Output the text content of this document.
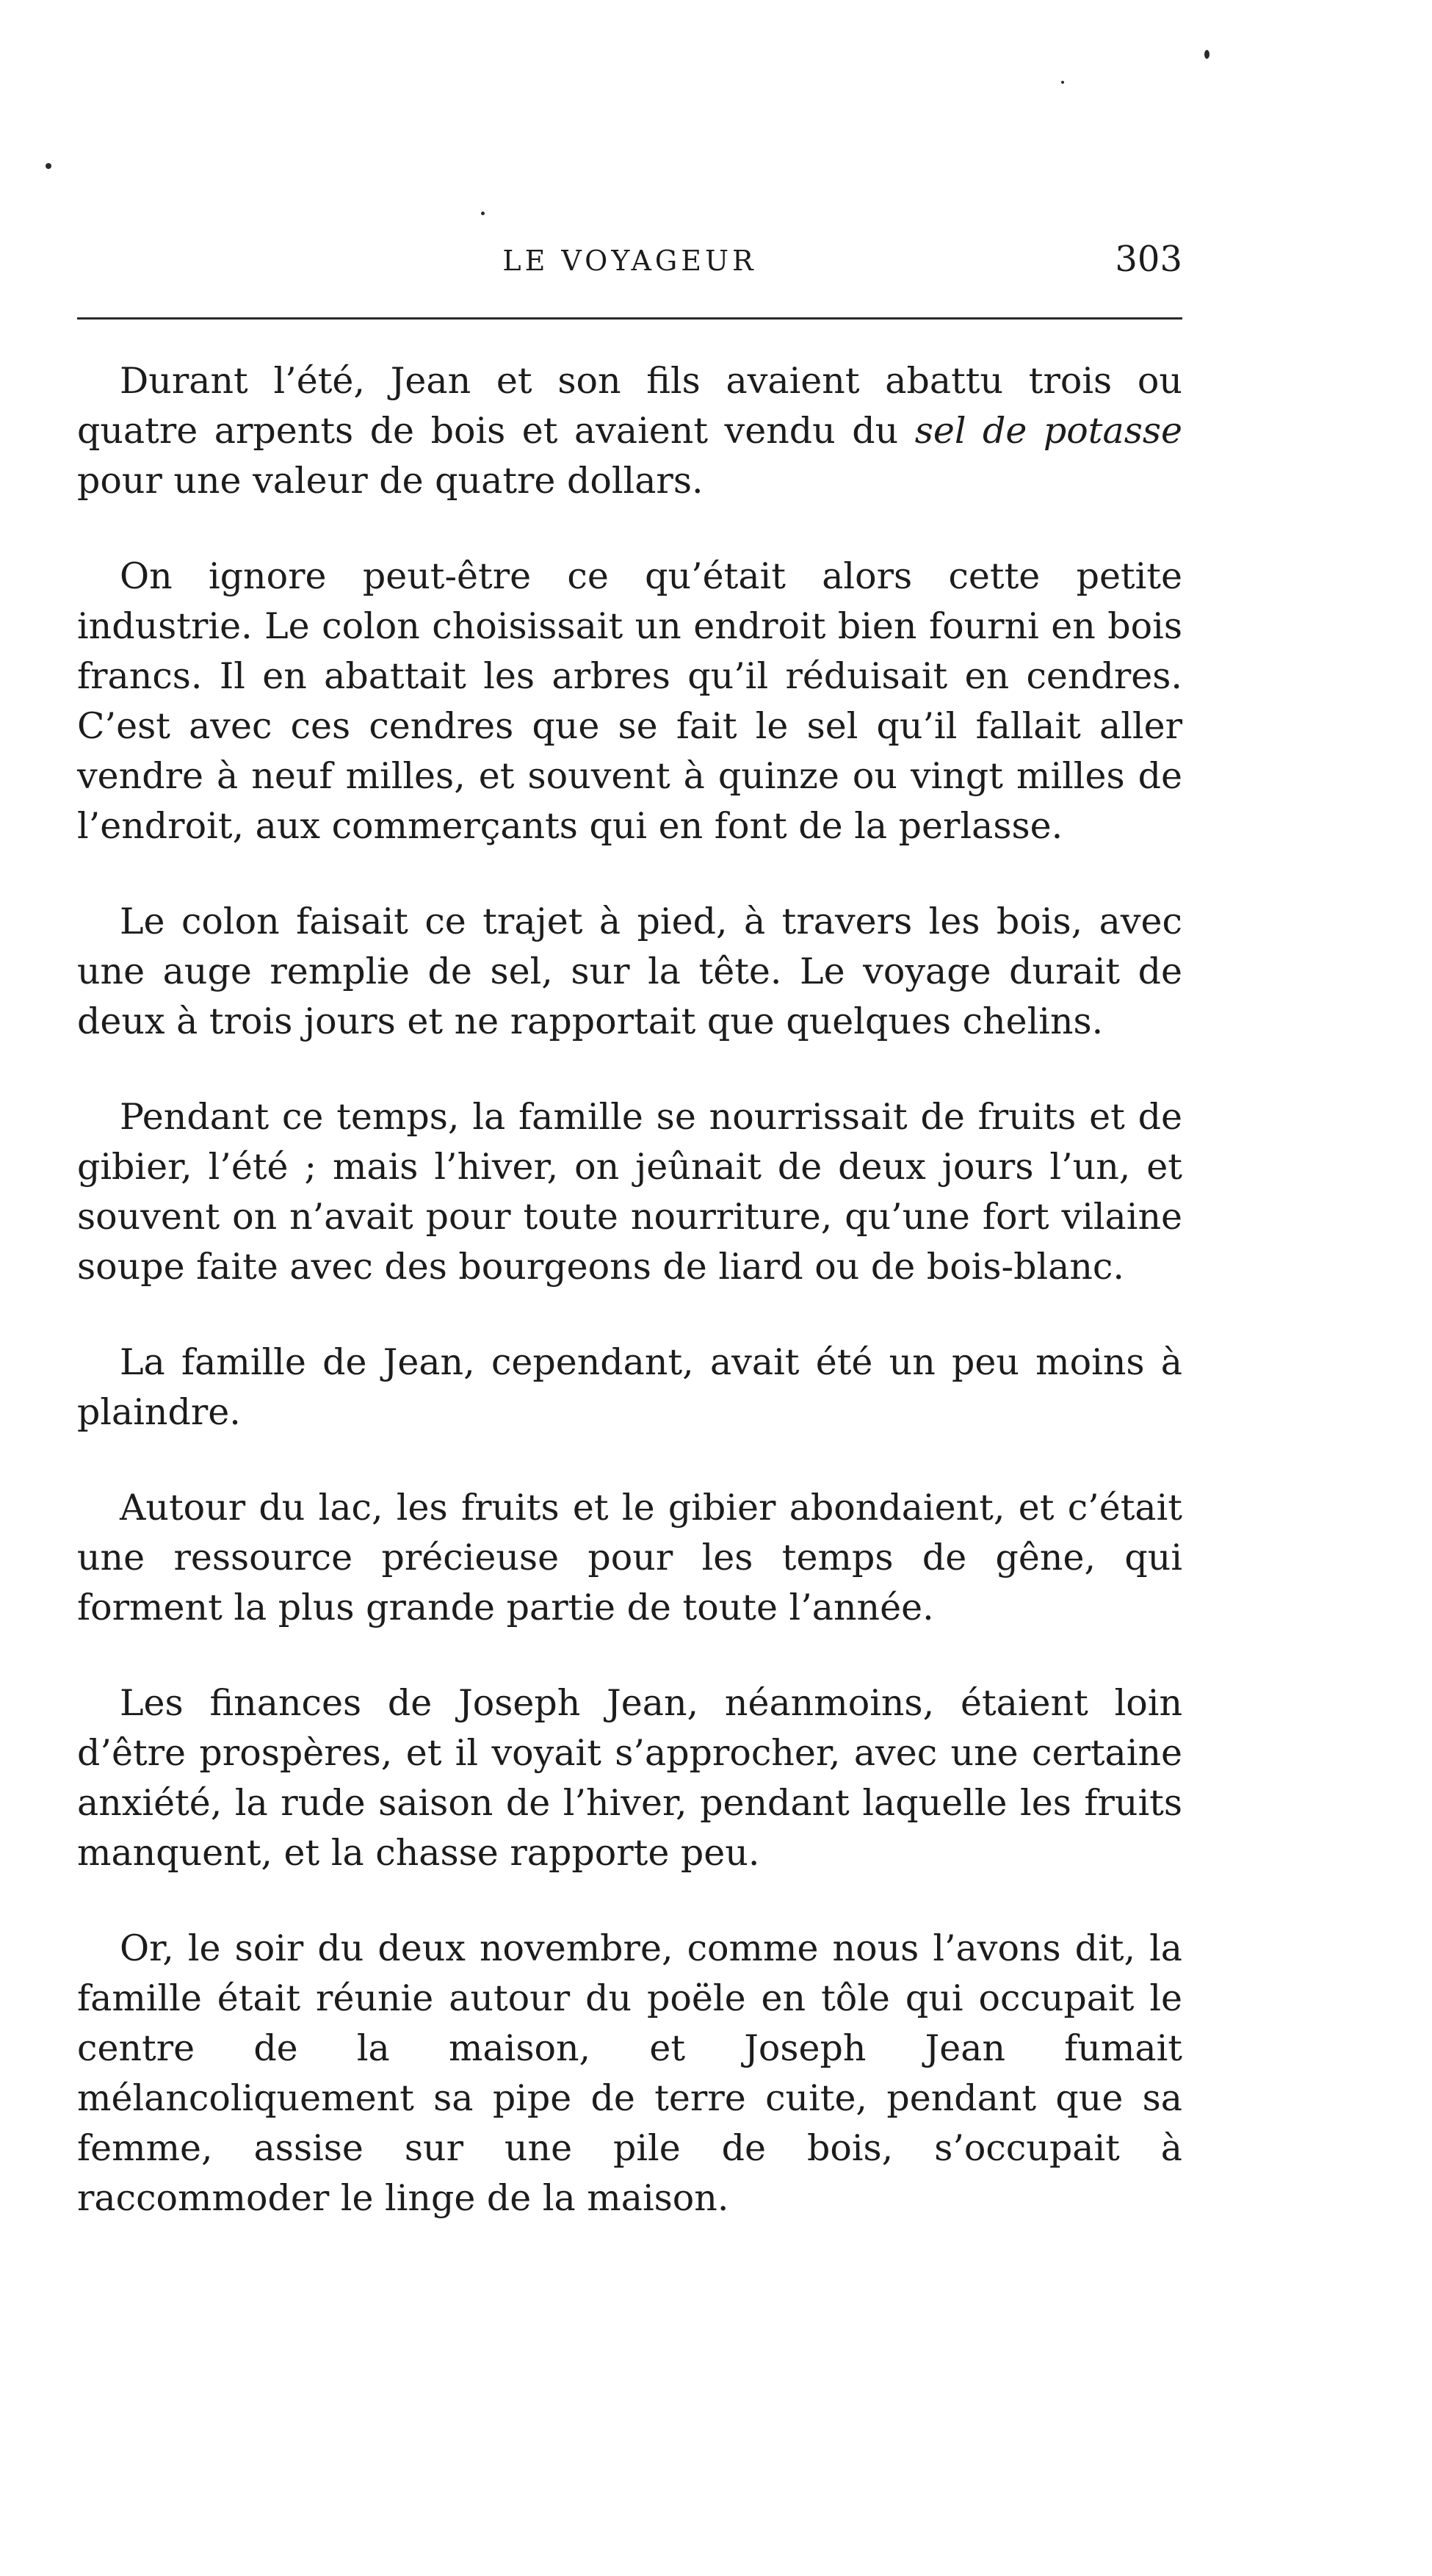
LE VOYAGEUR	303

Durant l’été, Jean et son fils avaient abattu trois ou quatre arpents de bois et avaient vendu du sel de potasse pour une valeur de quatre dollars.

On ignore peut-être ce qu’était alors cette petite industrie. Le colon choisissait un endroit bien fourni en bois francs. Il en abattait les arbres qu’il réduisait en cendres. C’est avec ces cendres que se fait le sel qu’il fallait aller vendre à neuf milles, et souvent à quinze ou vingt milles de l’endroit, aux commerçants qui en font de la perlasse.

Le colon faisait ce trajet à pied, à travers les bois, avec une auge remplie de sel, sur la tête. Le voyage durait de deux à trois jours et ne rapportait que quelques chelins.

Pendant ce temps, la famille se nourrissait de fruits et de gibier, l’été ; mais l’hiver, on jeûnait de deux jours l’un, et souvent on n’avait pour toute nourriture, qu’une fort vilaine soupe faite avec des bourgeons de liard ou de bois-blanc.

La famille de Jean, cependant, avait été un peu moins à plaindre.

Autour du lac, les fruits et le gibier abondaient, et c’était une ressource précieuse pour les temps de gêne, qui forment la plus grande partie de toute l’année.

Les finances de Joseph Jean, néanmoins, étaient loin d’être prospères, et il voyait s’approcher, avec une certaine anxiété, la rude saison de l’hiver, pendant laquelle les fruits manquent, et la chasse rapporte peu.

Or, le soir du deux novembre, comme nous l’avons dit, la famille était réunie autour du poële en tôle qui occupait le centre de la maison, et Joseph Jean fumait mélancoliquement sa pipe de terre cuite, pendant que sa femme, assise sur une pile de bois, s’occupait à raccommoder le linge de la maison.
